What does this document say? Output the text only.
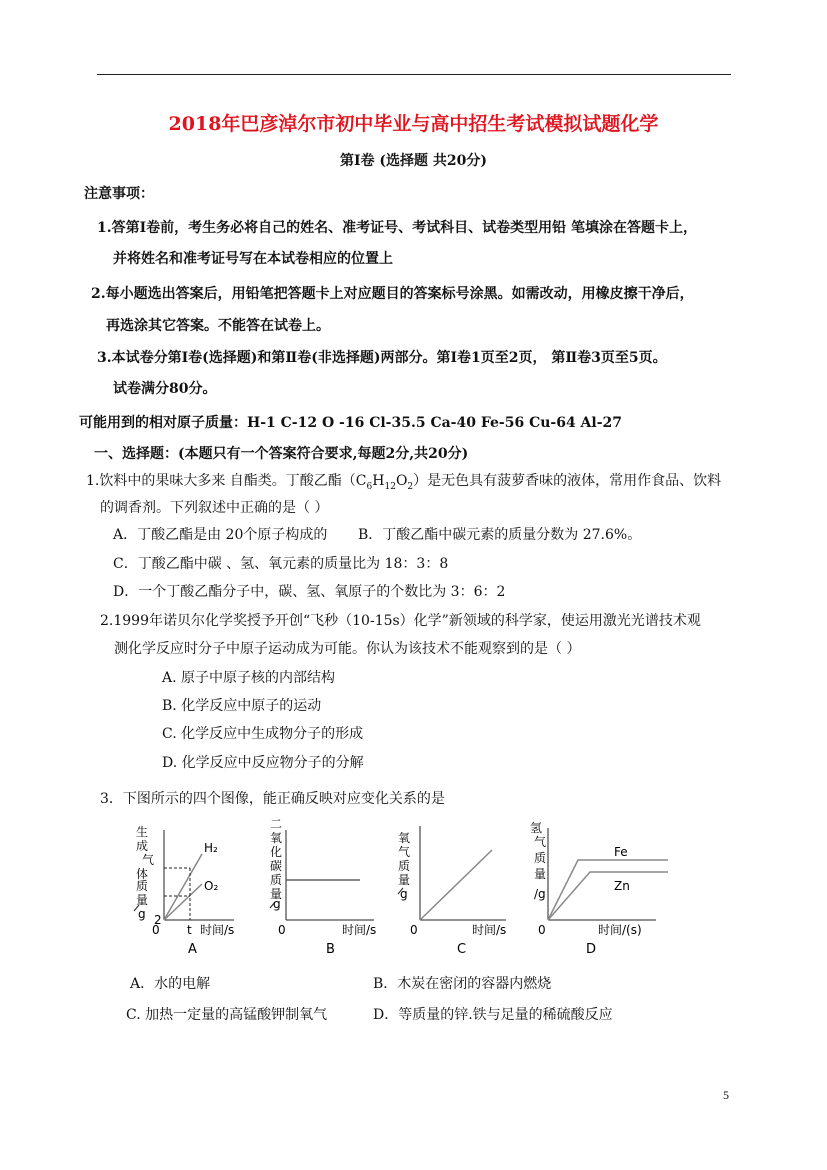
2018年巴彦淖尔市初中毕业与高中招生考试模拟试题化学
第Ⅰ卷 (选择题 共20分)
注意事项：
1.答第Ⅰ卷前，考生务必将自己的姓名、准考证号、考试科目、试卷类型用铅 笔填涂在答题卡上，
并将姓名和准考证号写在本试卷相应的位置上
2.每小题选出答案后，用铅笔把答题卡上对应题目的答案标号涂黑。如需改动，用橡皮擦干净后，
再选涂其它答案。不能答在试卷上。
3.本试卷分第Ⅰ卷(选择题)和第Ⅱ卷(非选择题)两部分。第Ⅰ卷1页至2页， 第Ⅱ卷3页至5页。
试卷满分80分。
可能用到的相对原子质量：H-1 C-12 O -16 Cl-35.5 Ca-40 Fe-56 Cu-64 Al-27
一、选择题：(本题只有一个答案符合要求,每题2分,共20分)
1.饮料中的果味大多来 自酯类。丁酸乙酯$(C_6H_{12}O_2)$是无色具有菠萝香味的液体，常用作食品、饮料
的调香剂。下列叙述中正确的是（ ）
A．丁酸乙酯是由 20个原子构成的 B．丁酸乙酯中碳元素的质量分数为 27.6%。
C．丁酸乙酯中碳 、氢、氧元素的质量比为 18：3：8
D．一个丁酸乙酯分子中，碳、氢、氧原子的个数比为 3：6：2
2.1999年诺贝尔化学奖授予开创“飞秒（10-15s）化学”新领域的科学家，使运用激光光谱技术观
测化学反应时分子中原子运动成为可能。你认为该技术不能观察到的是（ ）
A. 原子中原子核的内部结构
B. 化学反应中原子的运动
C. 化学反应中生成物分子的形成
D. 化学反应中反应物分子的分解
3．下图所示的四个图像，能正确反映对应变化关系的是
生
成
气
体
质
量
g
H₂
O₂
0
2
t 时间/s
A
二
氧
化
碳
质
量
g
0	时间/s
B
氧
气
质
量
g
0	时间/s
C
氢
气
质
量
/g
Fe
Zn
0	时间/(s)
D
A．水的电解	B．木炭在密闭的容器内燃烧
C. 加热一定量的高锰酸钾制氧气	D．等质量的锌.铁与足量的稀硫酸反应
5
